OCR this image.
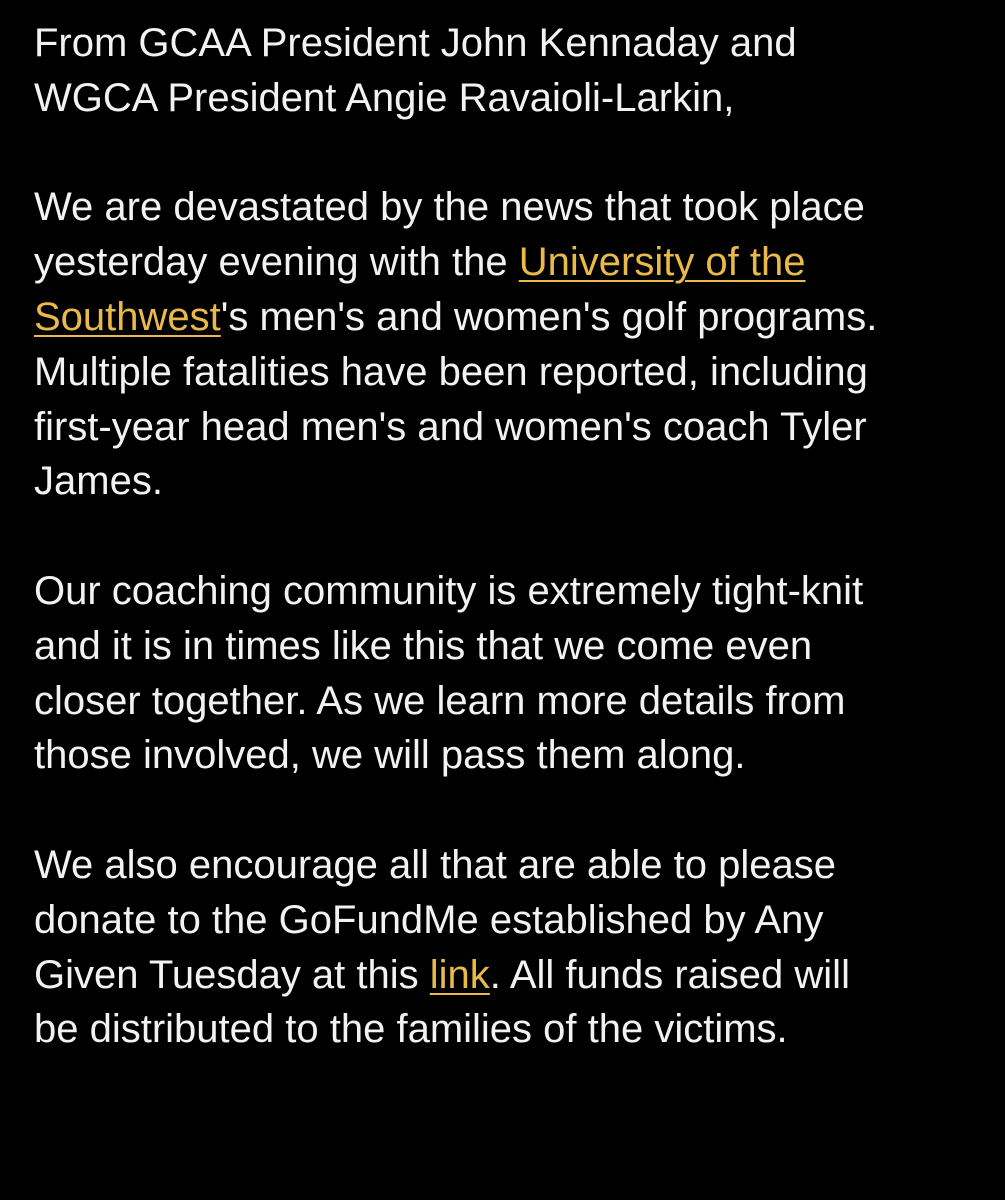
From GCAA President John Kennaday and
WGCA President Angie Ravaioli-Larkin,
We are devastated by the news that took place
yesterday evening with the University of the
Southwest's men's and women's golf programs.
Multiple fatalities have been reported, including
first-year head men's and women's coach Tyler
James.
Our coaching community is extremely tight-knit
and it is in times like this that we come even
closer together. As we learn more details from
those involved, we will pass them along.
We also encourage all that are able to please
donate to the GoFundMe established by Any
Given Tuesday at this link. All funds raised will
be distributed to the families of the victims.
